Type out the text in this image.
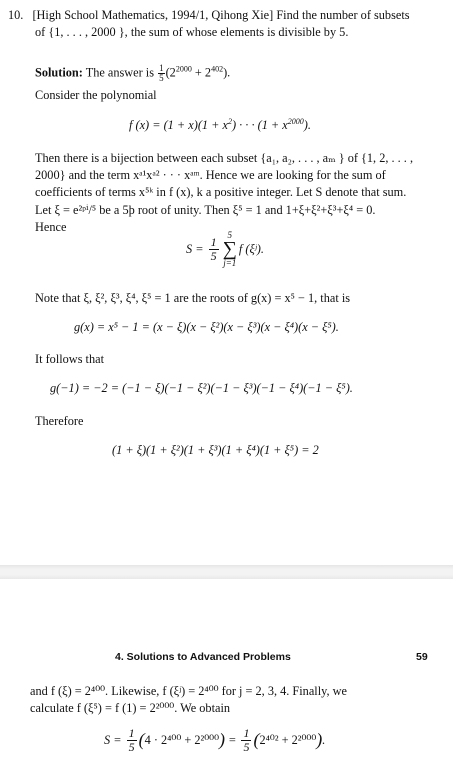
10. [High School Mathematics, 1994/1, Qihong Xie] Find the number of subsets
of {1, . . . , 2000 }, the sum of whose elements is divisible by 5.
Solution: The answer is $\frac{1}{5} (2^{2000} + 2^{402})$.
Consider the polynomial
f $(x) = (1 + x)(1 + x^2)$ · · · $(1 + x^{2000})$.
Then there is a bijection between each subset {a₁, a₂, . . . , aₘ } of {1, 2, . . . ,
2000} and the term xᵃ¹xᵃ² · · · xᵃᵐ. Hence we are looking for the sum of
coefficients of terms x⁵ᵏ in f (x), k a positive integer. Let S denote that sum.
Let ξ = e²ᵖⁱ/⁵ be a 5þ root of unity. Then ξ⁵ = 1 and 1+ξ+ξ²+ξ³+ξ⁴ = 0.
Hence
$S = \frac{1}{5}$
5
∑
j=1
f (ξʲ).
Note that ξ, ξ², ξ³, ξ⁴, ξ⁵ = 1 are the roots of g(x) = x⁵ − 1, that is
g(x) = x⁵ − 1 = (x − ξ)(x − ξ²)(x − ξ³)(x − ξ⁴)(x − ξ⁵).
It follows that
g(−1) = −2 = (−1 − ξ)(−1 − ξ²)(−1 − ξ³)(−1 − ξ⁴)(−1 − ξ⁵).
Therefore
(1 + ξ)(1 + ξ²)(1 + ξ³)(1 + ξ⁴)(1 + ξ⁵) = 2
4. Solutions to Advanced Problems	59
and f (ξ) = 2⁴⁰⁰. Likewise, f (ξʲ) = 2⁴⁰⁰ for j = 2, 3, 4. Finally, we
calculate f (ξ⁵) = f (1) = 2²⁰⁰⁰. We obtain
$S = \frac{1}{5} (4 \cdot 2^{400} + 2^{2000}) = \frac{1}{5} (2^{402} + 2^{2000})$.
